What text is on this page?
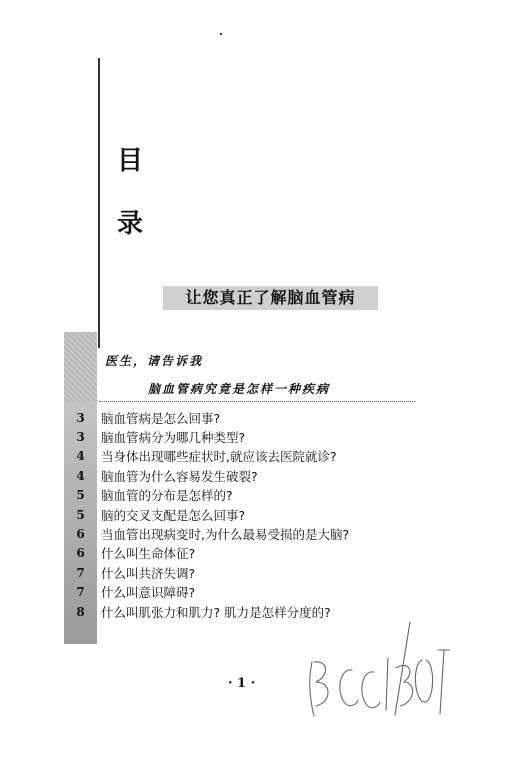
目
录
让您真正了解脑血管病
医生，请告诉我
脑血管病究竟是怎样一种疾病
3	脑血管病是怎么回事?
3	脑血管病分为哪几种类型?
4	当身体出现哪些症状时,就应该去医院就诊?
4	脑血管为什么容易发生破裂?
5	脑血管的分布是怎样的?
5	脑的交叉支配是怎么回事?
6	当血管出现病变时,为什么最易受损的是大脑?
6	什么叫生命体征?
7	什么叫共济失调?
7	什么叫意识障碍?
8	什么叫肌张力和肌力? 肌力是怎样分度的?
· 1 ·
